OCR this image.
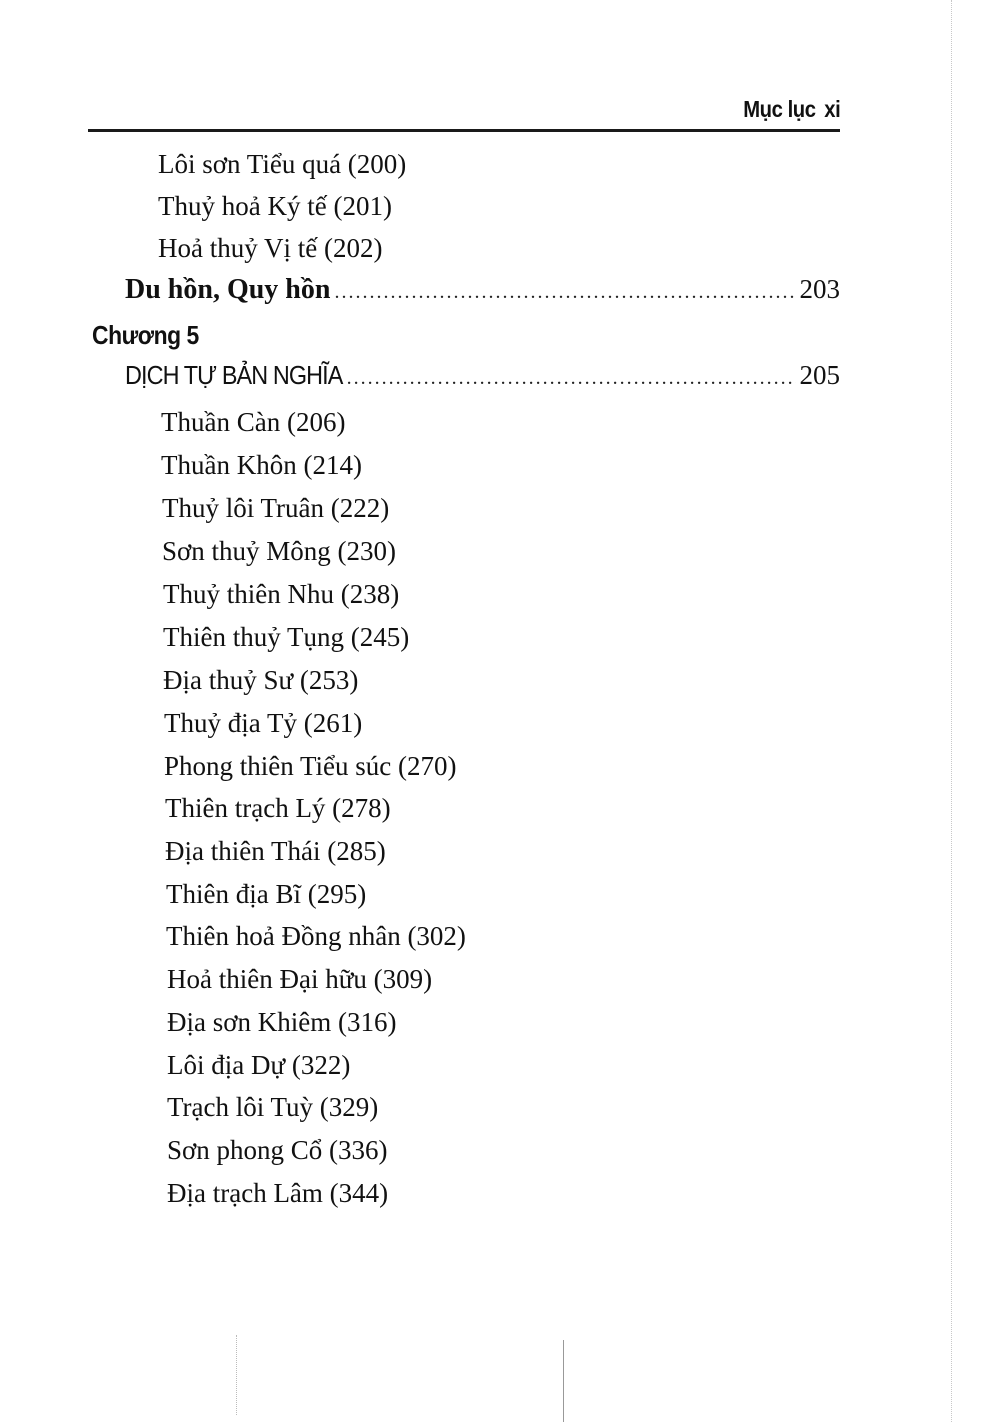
Mục lục xi
Lôi sơn Tiểu quá (200)
Thuỷ hoả Ký tế (201)
Hoả thuỷ Vị tế (202)
Du hồn, Quy hồn .....	203
Chương 5
DỊCH TỰ BẢN NGHĨA .....	205
Thuần Càn (206)
Thuần Khôn (214)
Thuỷ lôi Truân (222)
Sơn thuỷ Mông (230)
Thuỷ thiên Nhu (238)
Thiên thuỷ Tụng (245)
Địa thuỷ Sư (253)
Thuỷ địa Tỷ (261)
Phong thiên Tiểu súc (270)
Thiên trạch Lý (278)
Địa thiên Thái (285)
Thiên địa Bĩ (295)
Thiên hoả Đồng nhân (302)
Hoả thiên Đại hữu (309)
Địa sơn Khiêm (316)
Lôi địa Dự (322)
Trạch lôi Tuỳ (329)
Sơn phong Cổ (336)
Địa trạch Lâm (344)
